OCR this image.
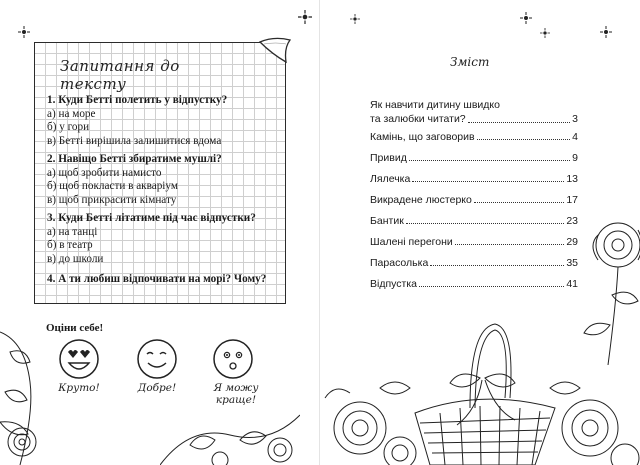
Запитання до тексту
1. Куди Бетті полетить у відпустку?
а) на море
б) у гори
в) Бетті вирішила залишитися вдома
2. Навіщо Бетті збиратиме мушлі?
а) щоб зробити намисто
б) щоб покласти в акваріум
в) щоб прикрасити кімнату
3. Куди Бетті літатиме під час відпустки?
а) на танці
б) в театр
в) до школи
4. А ти любиш відпочивати на морі? Чому?
Оціни себе!
Круто!	Добре!	Я можу краще!
Зміст
Як навчити дитину швидко
та залюбки читати?	3
Камінь, що заговорив	4
Привид	9
Лялечка	13
Викрадене люстерко	17
Бантик	23
Шалені перегони	29
Парасолька	35
Відпустка	41
